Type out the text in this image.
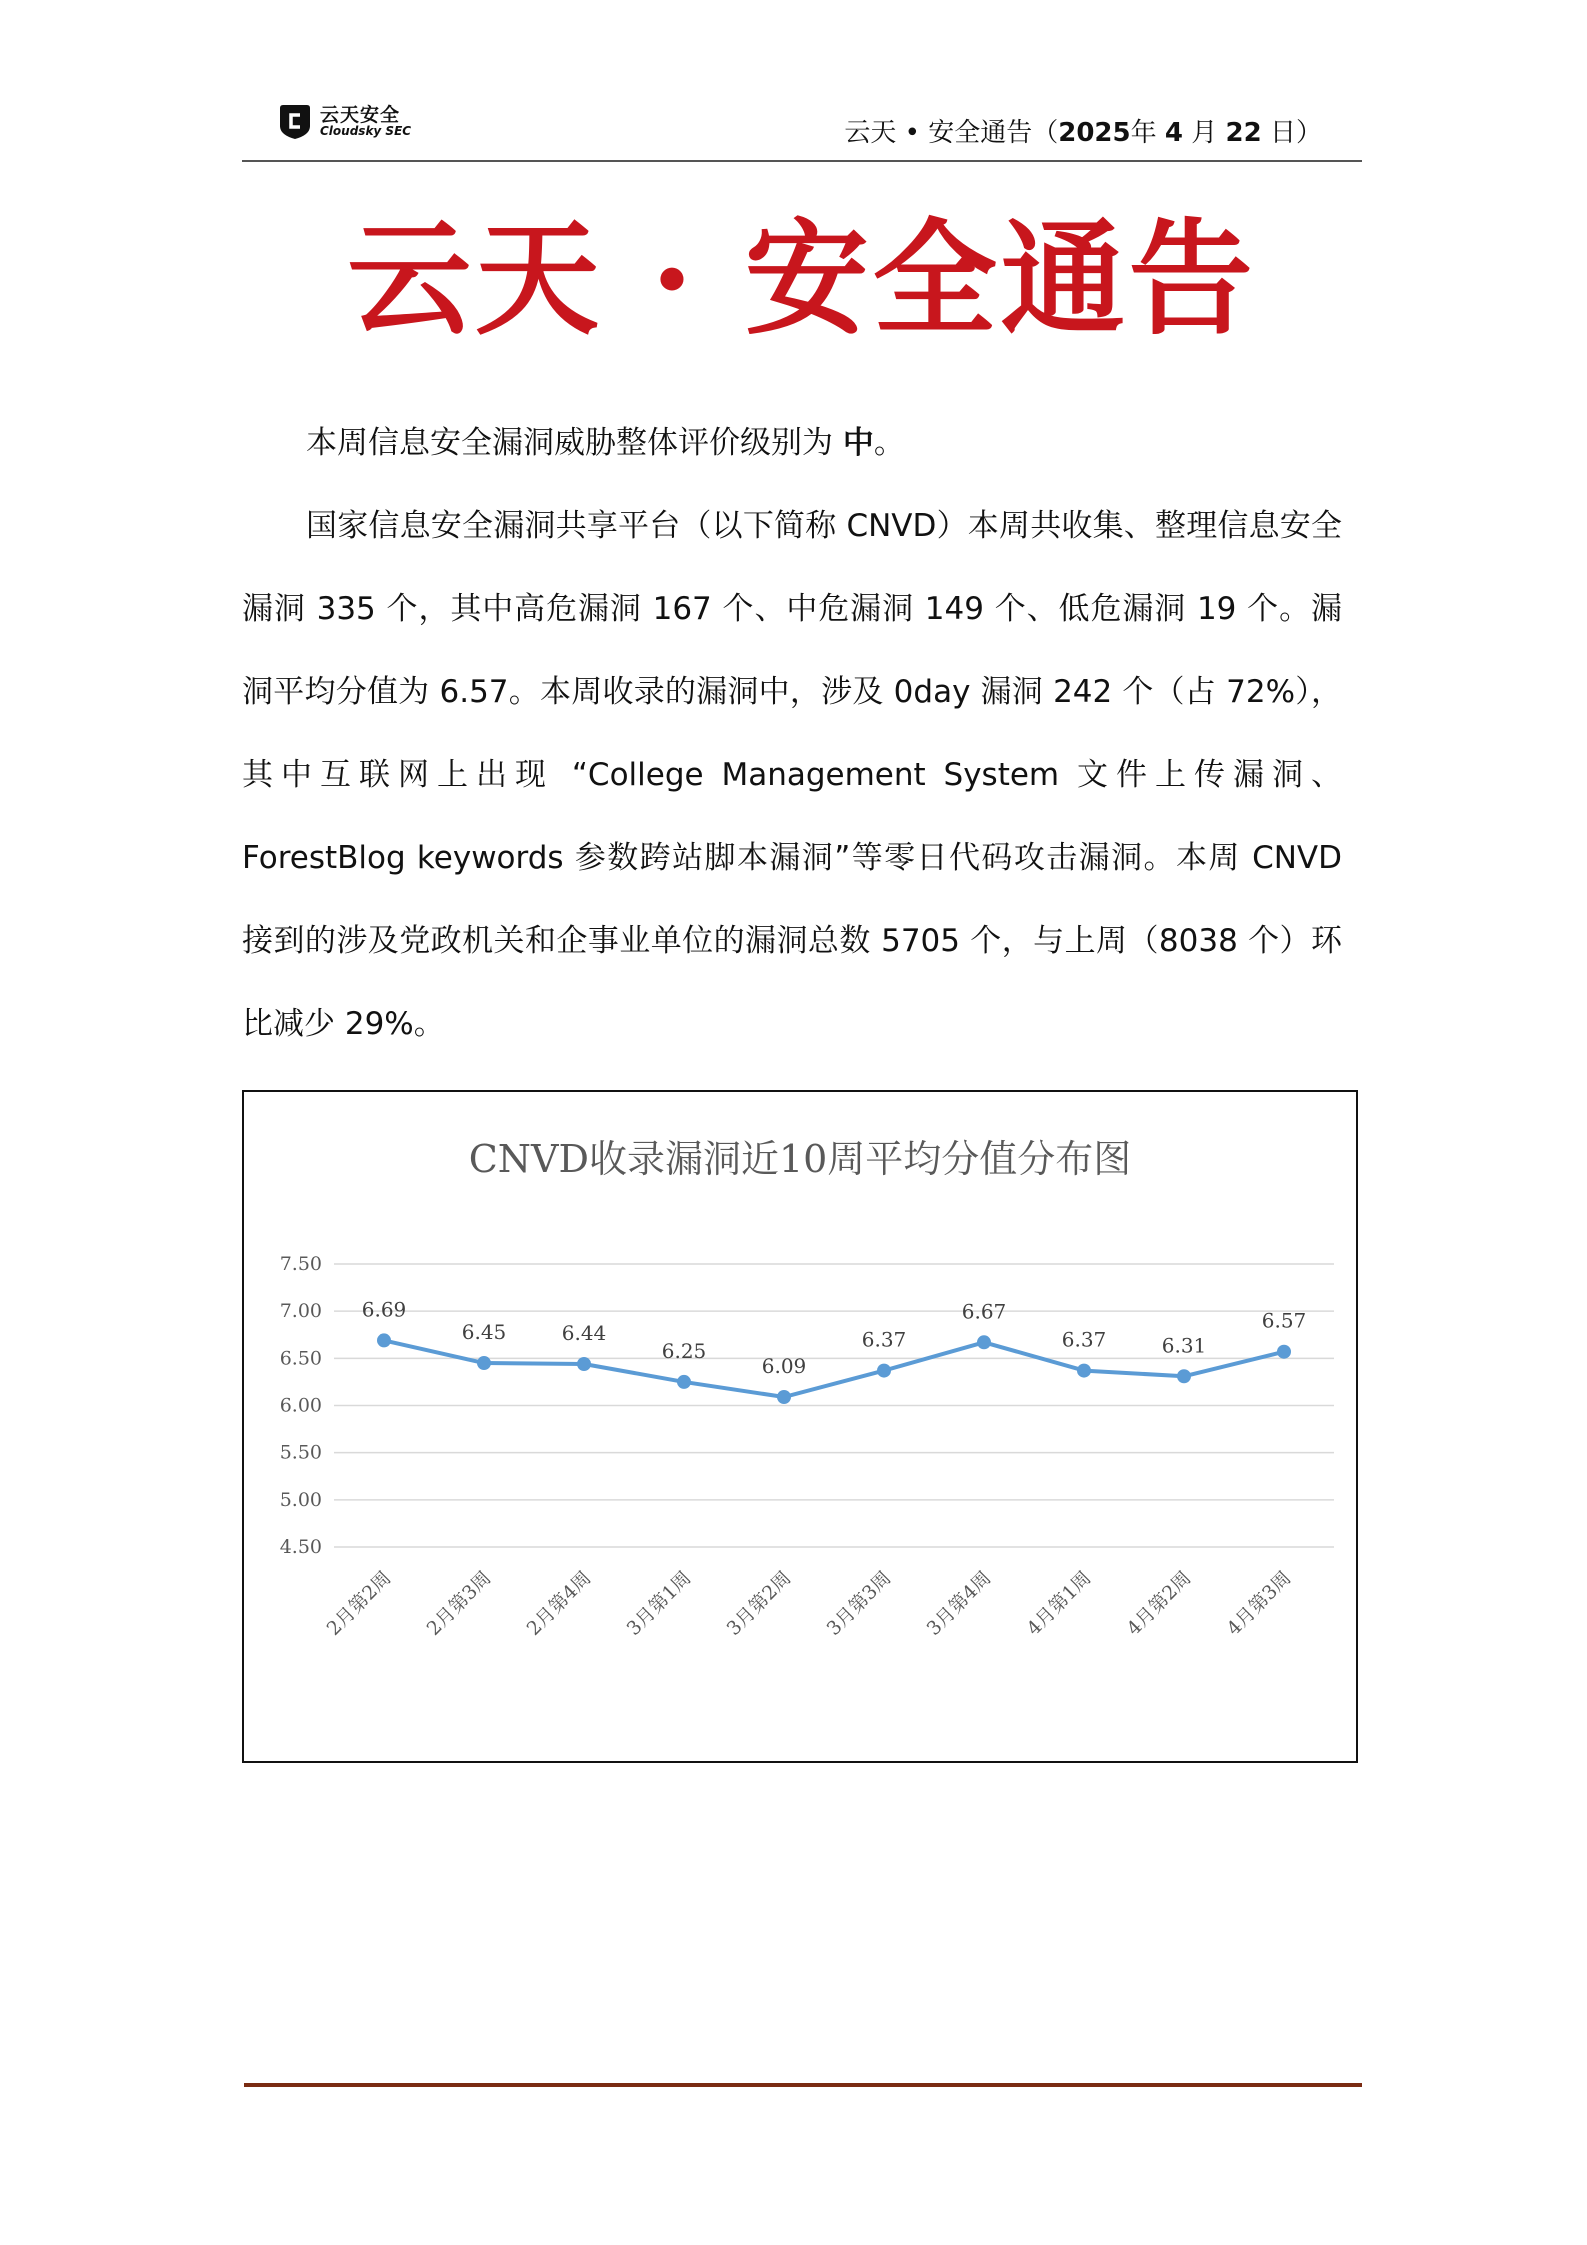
云天安全
Cloudsky SEC	云天 • 安全通告（2025年 4 月 22 日）
云天 · 安全通告

本周信息安全漏洞威胁整体评价级别为 中。

国家信息安全漏洞共享平台（以下简称 CNVD）本周共收集、整理信息安全漏洞 335 个，其中高危漏洞 167 个、中危漏洞 149 个、低危漏洞 19 个。漏洞平均分值为 6.57。本周收录的漏洞中，涉及 0day 漏洞 242 个（占 72%），其中互联网上出现 “College Management System 文件上传漏洞、ForestBlog keywords 参数跨站脚本漏洞”等零日代码攻击漏洞。本周 CNVD 接到的涉及党政机关和企事业单位的漏洞总数 5705 个，与上周（8038 个）环比减少 29%。

CNVD收录漏洞近10周平均分值分布图
4.50
5.00
5.50
6.00
6.50
7.00
7.50
6.69
6.45	6.44
6.25
6.09
6.37
6.67
6.37	6.31
6.57
2月第2周 2月第3周 2月第4周 3月第1周 3月第2周 3月第3周 3月第4周 4月第1周 4月第2周 4月第3周
